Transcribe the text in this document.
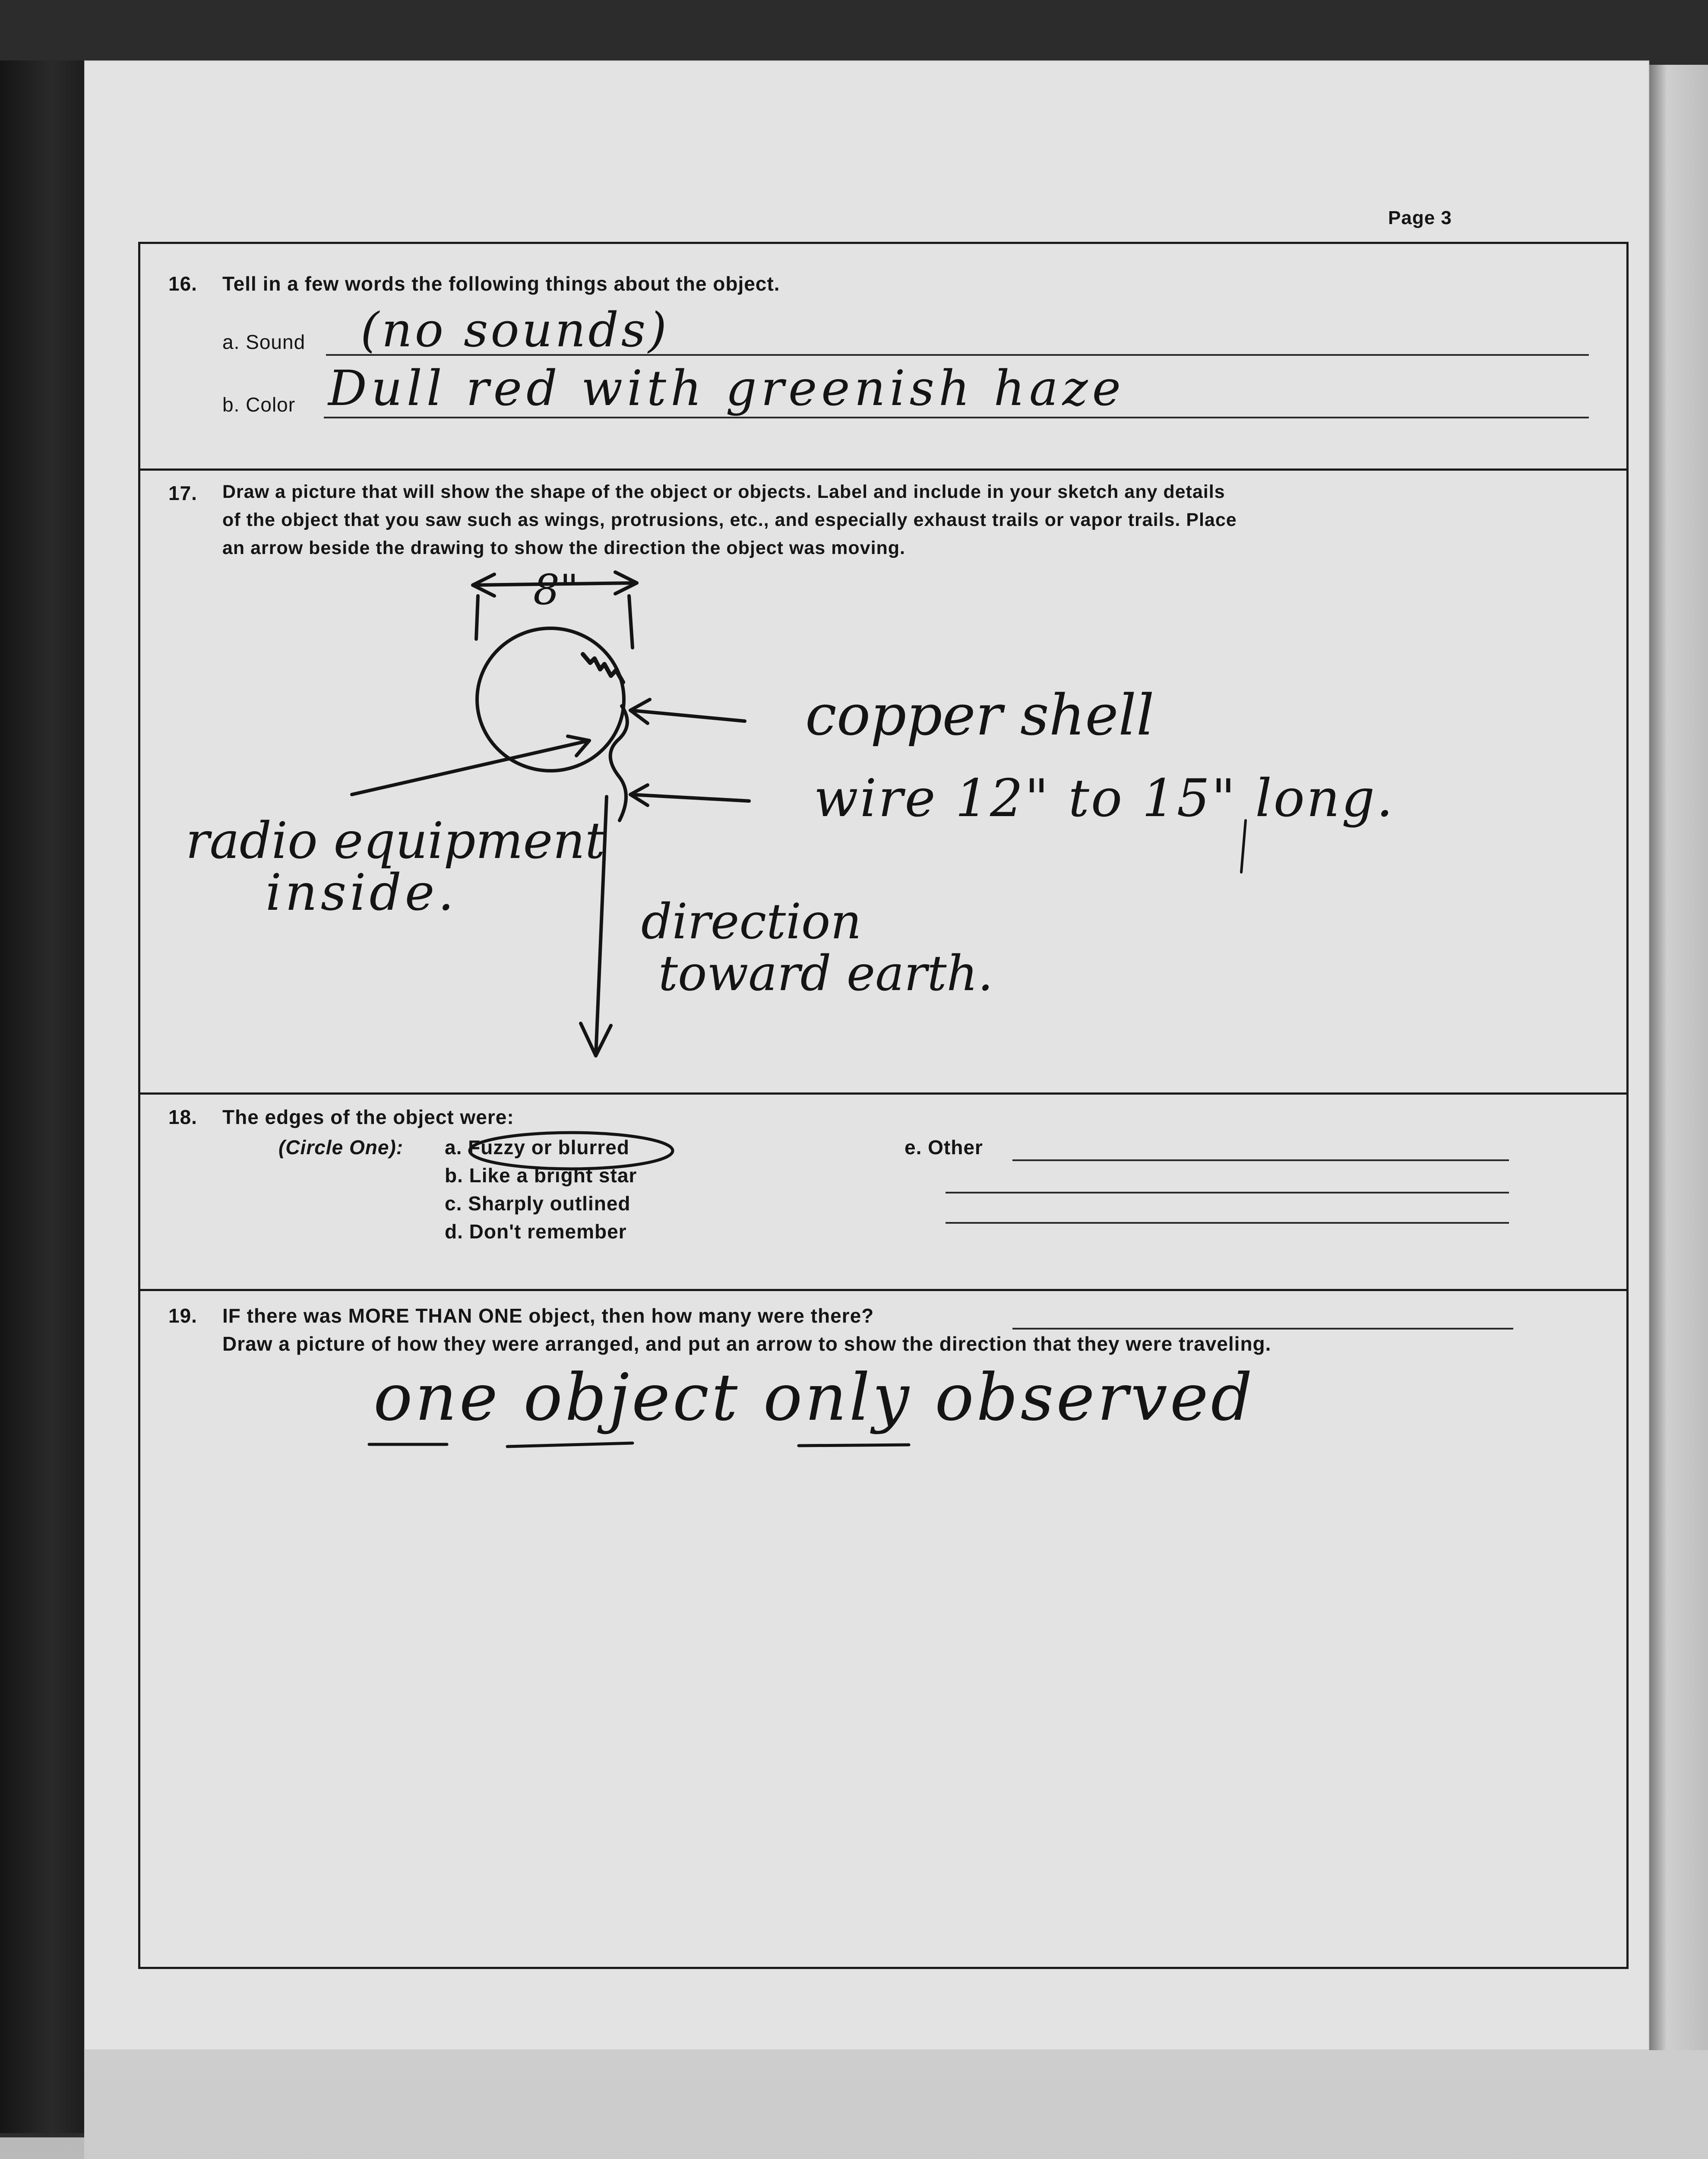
Page 3
16. Tell in a few words the following things about the object.
a. Sound (no sounds)
b. Color Dull red with greenish haze
17. Draw a picture that will show the shape of the object or objects. Label and include in your sketch any details
of the object that you saw such as wings, protrusions, etc., and especially exhaust trails or vapor trails. Place
an arrow beside the drawing to show the direction the object was moving.
8"
copper shell
wire 12" to 15" long.
radio equipment
inside.	direction
toward earth.
18. The edges of the object were:
(Circle One): a. Fuzzy or blurred
b. Like a bright star
c. Sharply outlined
d. Don't remember
e. Other
19. IF there was MORE THAN ONE object, then how many were there?
Draw a picture of how they were arranged, and put an arrow to show the direction that they were traveling.
one object only observed
